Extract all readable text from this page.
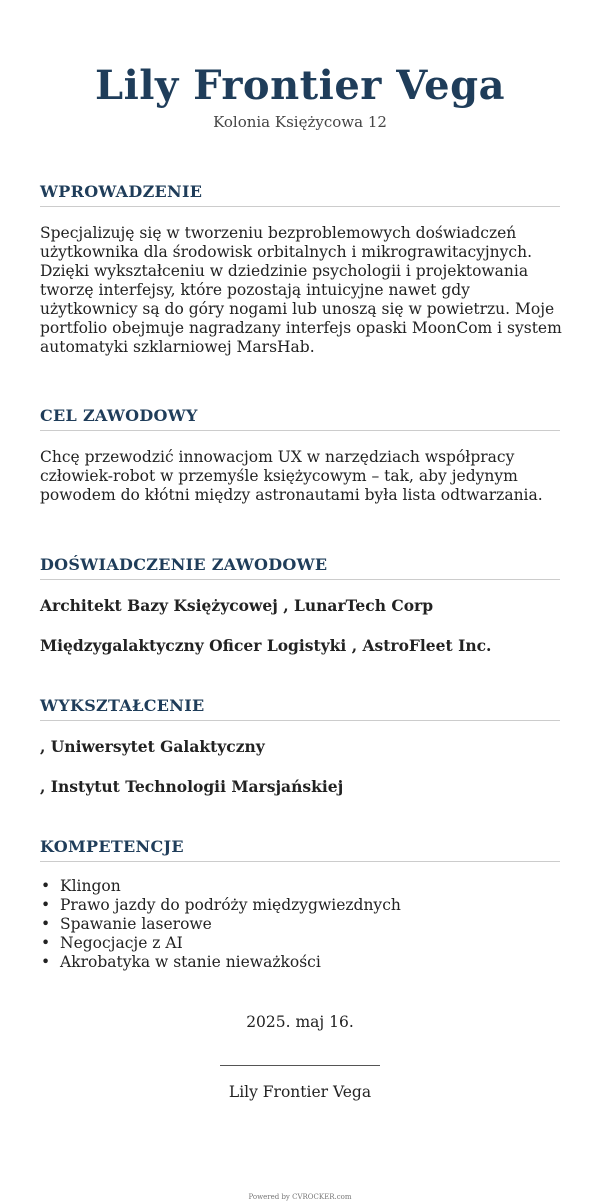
Lily Frontier Vega
Kolonia Księżycowa 12
WPROWADZENIE
Specjalizuję się w tworzeniu bezproblemowych doświadczeń użytkownika dla środowisk orbitalnych i mikrograwitacyjnych. Dzięki wykształceniu w dziedzinie psychologii i projektowania tworzę interfejsy, które pozostają intuicyjne nawet gdy użytkownicy są do góry nogami lub unoszą się w powietrzu. Moje portfolio obejmuje nagradzany interfejs opaski MoonCom i system automatyki szklarniowej MarsHab.
CEL ZAWODOWY
Chcę przewodzić innowacjom UX w narzędziach współpracy człowiek-robot w przemyśle księżycowym – tak, aby jedynym powodem do kłótni między astronautami była lista odtwarzania.
DOŚWIADCZENIE ZAWODOWE
Architekt Bazy Księżycowej , LunarTech Corp
Międzygalaktyczny Oficer Logistyki , AstroFleet Inc.
WYKSZTAŁCENIE
, Uniwersytet Galaktyczny
, Instytut Technologii Marsjańskiej
KOMPETENCJE
• Klingon
• Prawo jazdy do podróży międzygwiezdnych
• Spawanie laserowe
• Negocjacje z AI
• Akrobatyka w stanie nieważkości
2025. maj 16.
Lily Frontier Vega
Powered by CVROCKER.com
